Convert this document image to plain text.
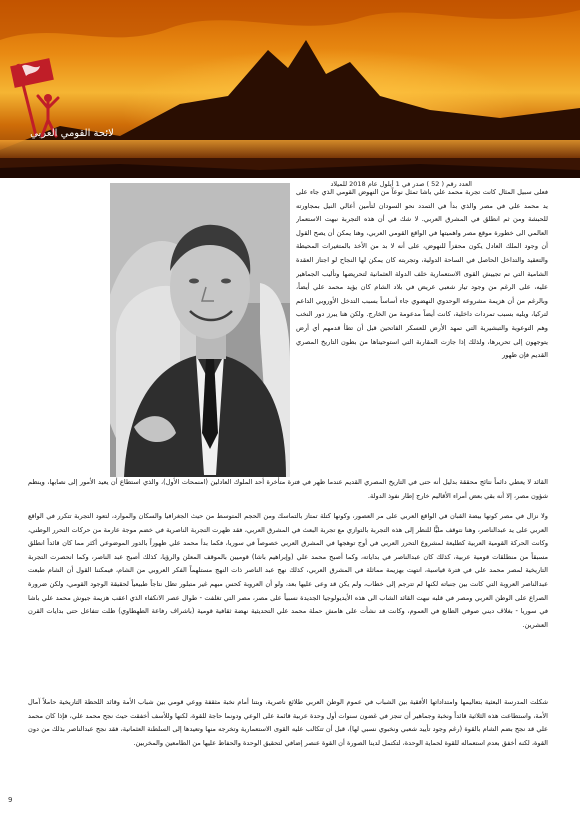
لائحة القومي العربي
العدد رقم ( 52 ) صدر في 1 أيلول عام 2018 للميلاد
فعلى سبيل المثال كانت تجربة محمد علي باشا تمثل نوعاً من النهوض القومي الذي جاء على يد محمد علي في مصر والذي بدأ في التمدد نحو السودان لتأمين أعالي النيل بمجاورته للحبشة ومن ثم انطلق في المشرق العربي. لا شك في أن هذه التجربة نبهت الاستعمار العالمي الى خطورة موقع مصر واهميتها في الواقع القومي العربي، وهنا يمكن أن يصح القول أن وجود الملك العادل يكون محفزاً للنهوض، على أنه لا بد من الأخذ بالمتغيرات المحيطة والتعقيد والتداخل الحاصل في الساحة الدولية، وتجربته كان يمكن لها النجاح لو اجتاز العقدة الشامية التي تم تجييش القوى الاستعمارية خلف الدولة العثمانية لتحريضها وتأليب الجماهير عليه، على الرغم من وجود تيار شعبي عريض في بلاد الشام كان يؤيد محمد علي أيضاً، وبالرغم من أن هزيمة مشروعه الوحدوي النهضوي جاء أساساً بسبب التدخل الأوروبي الداعم لتركيا، ويليه بسبب تمردات داخلية، كانت أيضاً مدعومة من الخارج. ولكن هنا يبرز دور النخب وهم التوعوية والتبشيرية التي تمهد الأرض للعسكر الفاتحين قبل أن تطأ قدمهم أي أرض يتوجهون إلى تحريرها، ولذلك إذا جازت المقاربة التي استوحيناها من بطون التاريخ المصري القديم فإن ظهور
القائد لا يعطي دائماً نتائج محققة بدليل أنه حتى في التاريخ المصري القديم عندما ظهر في فترة متأخرة أحد الملوك العادلين (امنمحات الأول)، والذي استطاع أن يعيد الأمور إلى نصابها، وينظم شؤون مصر، إلا أنه بقي بعض أمراء الأقاليم خارج إطار نفوذ الدولة.
ولا نزال في مصر كونها بيضة القبان في الواقع العربي على مر العصور، وكونها كتلة تمتاز بالتماسك ومن الحجم المتوسط من حيث الجغرافيا والسكان والموارد، لتعود التجربة تتكرر في الواقع العربي على يد عبدالناصر، وهنا نتوقف مليًّا للنظر إلى هذه التجربة بالتوازي مع تجربة البعث في المشرق العربي، فقد ظهرت التجربة الناصرية في خضم موجة عارمة من حركات التحرر الوطني، وكانت الحركة القومية العربية كطليعة لمشروع التحرر العربي في أوج توهجها في المشرق العربي خصوصاً في سوريا، فكما بدأ محمد علي ظهوراً بالدور الموضوعي أكثر مما كان قائداً انطلق مسبقاً من منطلقات قومية عربية، كذلك كان عبدالناصر في بداياته، وكما أصبح محمد علي (وإبراهيم باشا) قوميين بالموقف المعلن والرؤيا، كذلك أصبح عبد الناصر، وكما انحصرت التجربة التاريخية لمصر محمد علي في فترة قياسية، انتهت بهزيمة مماثلة في المشرق العربي، كذلك نهج عبد الناصر ذات النهج مستلهماً الفكر العروبي من الشام، فيمكننا القول أن الشام طبعت عبدالناصر العروبة التي كانت بين جنباته لكنها لم تترجم إلى خطاب، ولم يكن قد وعى عليها بعد، ولو أن العروبة كحس مبهم غير متبلور تظل نتاجاً طبيعياً لحقيقة الوجود القومي، ولكن ضرورة الصراع على الوطن العربي ومصر في قلبه نبهت القائد الشاب الى هذه الأيديولوجيا الجديدة نسبياً على مصر، مصر التي تغلفت - طوال عصر الانكفاء الذي اعقب هزيمة جيوش محمد علي باشا في سوريا - بغلاف ديني صوفي الطابع في العموم، وكانت قد نشأت على هامش حملة محمد علي التحديثية نهضة ثقافية قومية (باشراف رفاعة الطهطاوي) ظلت تتفاعل حتى بدايات القرن العشرين.
شكلت المدرسة البعثية بتعاليمها وامتداداتها الأفقية بين الشباب في عموم الوطن العربي طلائع ناصرية، وبتنا أمام نخبة مثقفة ووعي قومي بين شباب الأمة وقائد اللحظة التاريخية حاملاً آمال الأمة، واستطاعت هذه الثلاثية قائداً ونخبة وجماهير أن تنجز في غضون سنوات أول وحدة عربية قائمة على الوعي ودونما حاجة للقوة، لكنها وللأسف أخفقت حيث نجح محمد علي، فإذا كان محمد علي قد نجح بضم الشام بالقوة (رغم وجود تأييد شعبي ونخبوي نسبي لها)، قبل أن تتكالب عليه القوى الاستعمارية وتخرجه منها وتعيدها إلى السلطنة العثمانية، فقد نجح عبدالناصر بذلك من دون القوة، لكنه أخفق بعدم استعماله للقوة لحماية الوحدة، لتكتمل لدينا الصورة أن القوة عنصر إضافي لتحقيق الوحدة والحفاظ عليها من الطامعين والمخربين.
9
